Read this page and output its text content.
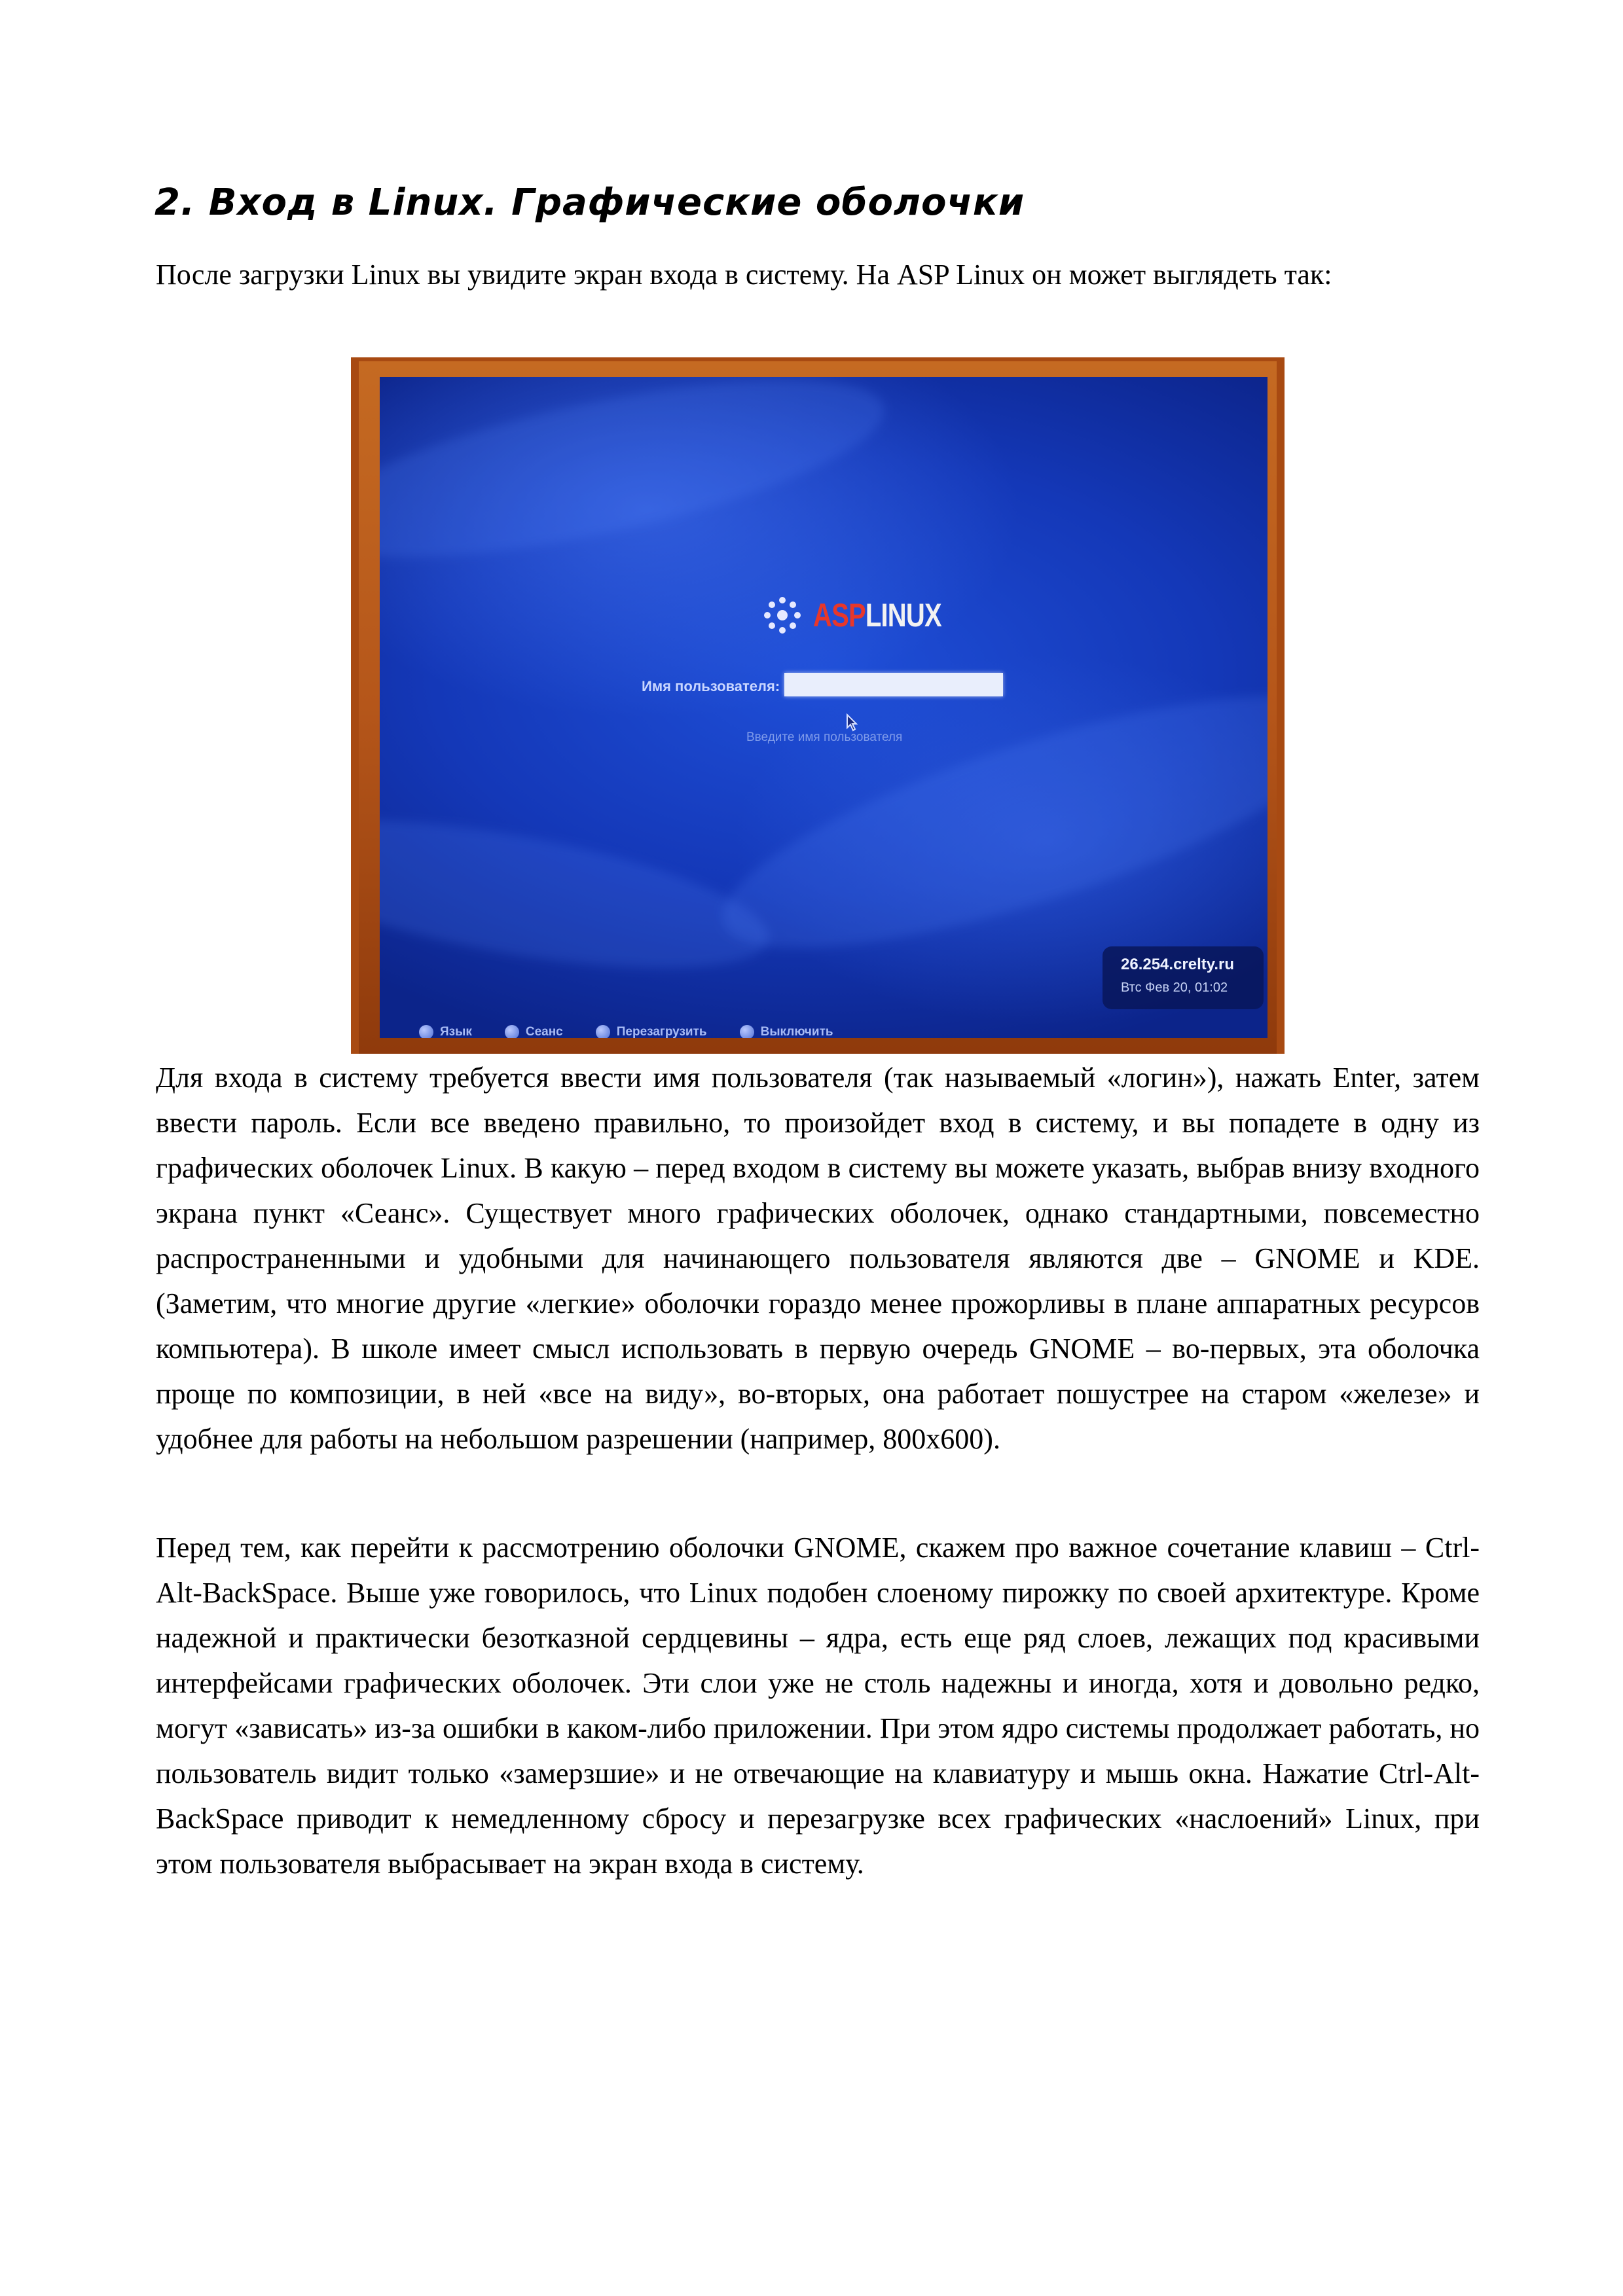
2. Вход в Linux. Графические оболочки

После загрузки Linux вы увидите экран входа в систему. На ASP Linux он может выглядеть так:

ASPLINUX
Имя пользователя:
Введите имя пользователя
26.254.crelty.ru
Втс Фев 20, 01:02
Язык	Сеанс	Перезагрузить	Выключить

Для входа в систему требуется ввести имя пользователя (так называемый «логин»), нажать Enter, затем ввести пароль. Если все введено правильно, то произойдет вход в систему, и вы попадете в одну из графических оболочек Linux. В какую – перед входом в систему вы можете указать, выбрав внизу входного экрана пункт «Сеанс». Существует много графических оболочек, однако стандартными, повсеместно распространенными и удобными для начинающего пользователя являются две – GNOME и KDE. (Заметим, что многие другие «легкие» оболочки гораздо менее прожорливы в плане аппаратных ресурсов компьютера). В школе имеет смысл использовать в первую очередь GNOME – во-первых, эта оболочка проще по композиции, в ней «все на виду», во-вторых, она работает пошустрее на старом «железе» и удобнее для работы на небольшом разрешении (например, 800x600).

Перед тем, как перейти к рассмотрению оболочки GNOME, скажем про важное сочетание клавиш – Ctrl-Alt-BackSpace. Выше уже говорилось, что Linux подобен слоеному пирожку по своей архитектуре. Кроме надежной и практически безотказной сердцевины – ядра, есть еще ряд слоев, лежащих под красивыми интерфейсами графических оболочек. Эти слои уже не столь надежны и иногда, хотя и довольно редко, могут «зависать» из-за ошибки в каком-либо приложении. При этом ядро системы продолжает работать, но пользователь видит только «замерзшие» и не отвечающие на клавиатуру и мышь окна. Нажатие Ctrl-Alt-BackSpace приводит к немедленному сбросу и перезагрузке всех графических «наслоений» Linux, при этом пользователя выбрасывает на экран входа в систему.
